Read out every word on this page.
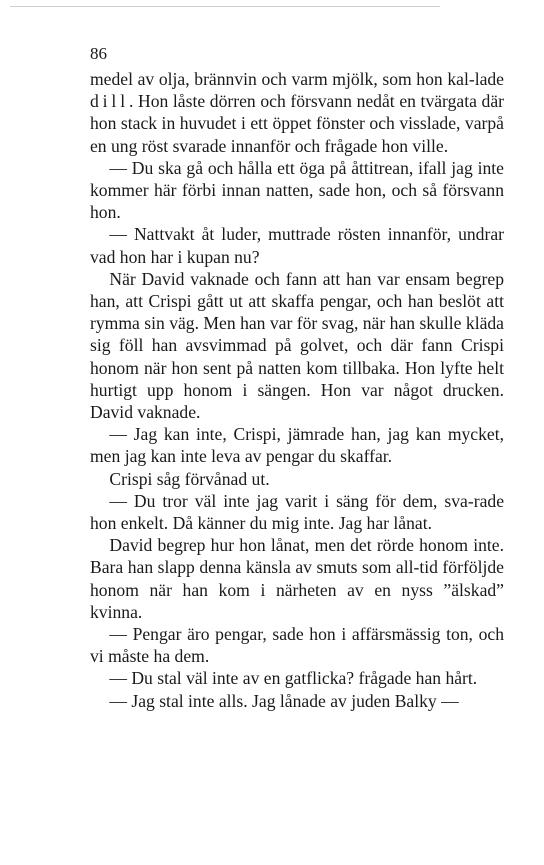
86

medel av olja, brännvin och varm mjölk, som hon kal-lade dill. Hon låste dörren och försvann nedåt en tvärgata där hon stack in huvudet i ett öppet fönster och visslade, varpå en ung röst svarade innanför och frågade hon ville.

— Du ska gå och hålla ett öga på åttitrean, ifall jag inte kommer här förbi innan natten, sade hon, och så försvann hon.

— Nattvakt åt luder, muttrade rösten innanför, undrar vad hon har i kupan nu?

När David vaknade och fann att han var ensam begrep han, att Crispi gått ut att skaffa pengar, och han beslöt att rymma sin väg. Men han var för svag, när han skulle kläda sig föll han avsvimmad på golvet, och där fann Crispi honom när hon sent på natten kom tillbaka. Hon lyfte helt hurtigt upp honom i sängen. Hon var något drucken. David vaknade.

— Jag kan inte, Crispi, jämrade han, jag kan mycket, men jag kan inte leva av pengar du skaffar.

Crispi såg förvånad ut.

— Du tror väl inte jag varit i säng för dem, sva-rade hon enkelt. Då känner du mig inte. Jag har lånat.

David begrep hur hon lånat, men det rörde honom inte. Bara han slapp denna känsla av smuts som all-tid förföljde honom när han kom i närheten av en nyss ”älskad” kvinna.

— Pengar äro pengar, sade hon i affärsmässig ton, och vi måste ha dem.

— Du stal väl inte av en gatflicka? frågade han hårt.

— Jag stal inte alls. Jag lånade av juden Balky —
